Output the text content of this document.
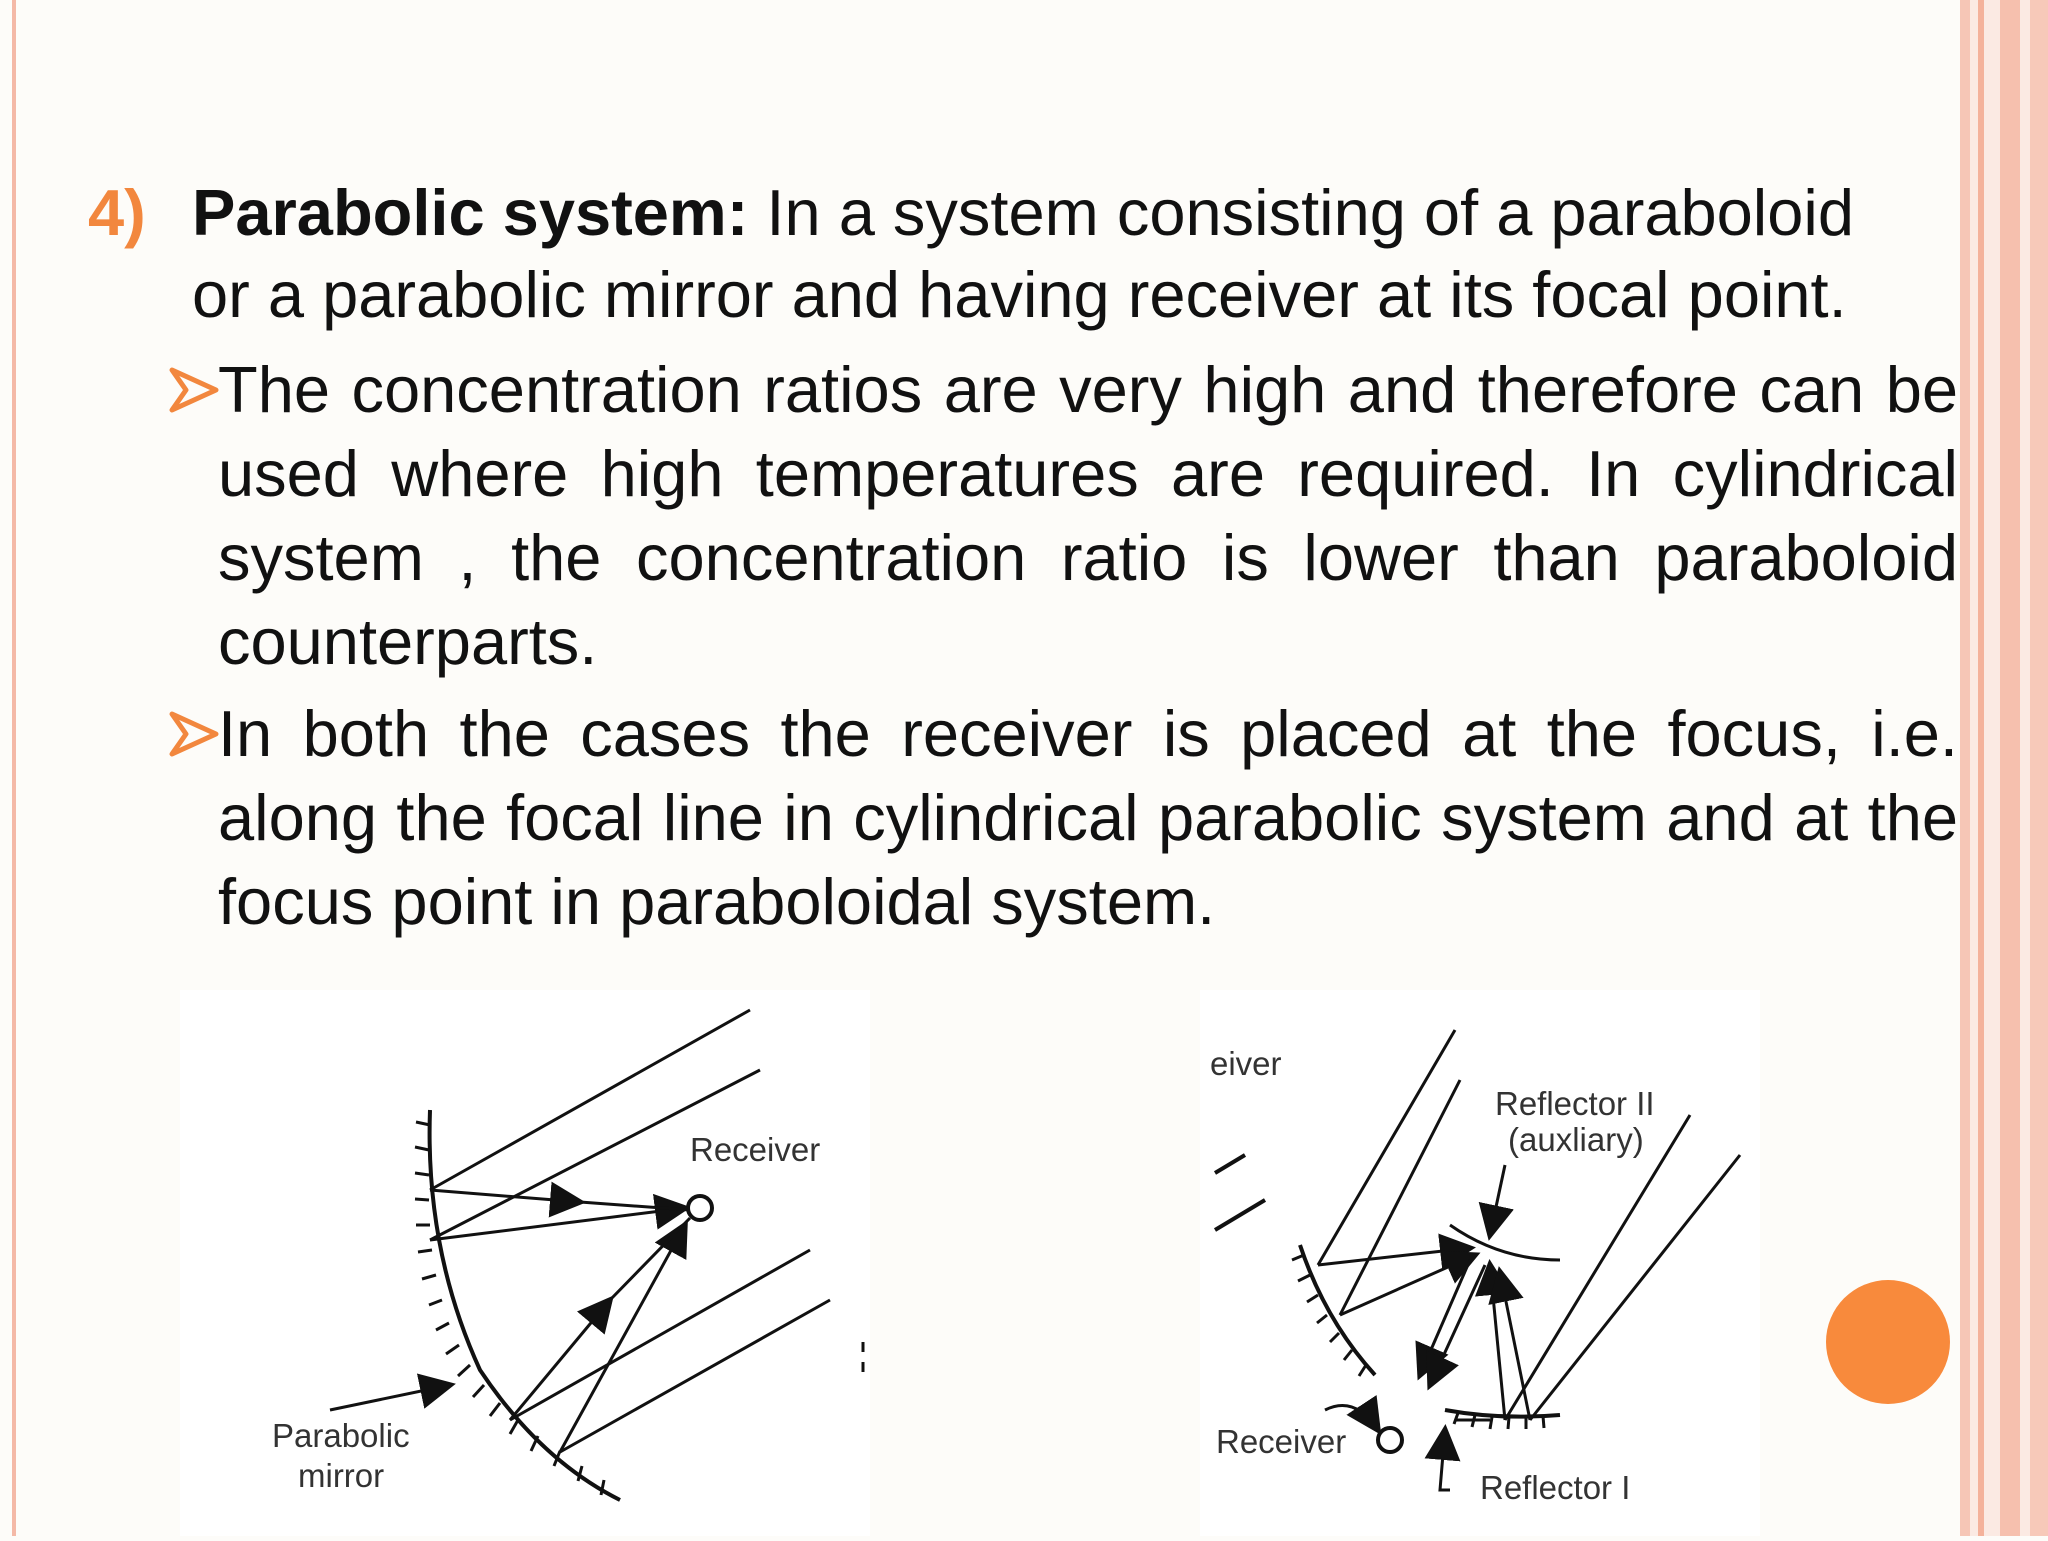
4) Parabolic system: In a system consisting of a paraboloid
or a parabolic mirror and having receiver at its focal point.
The concentration ratios are very high and therefore can be used where high temperatures are required. In cylindrical system , the concentration ratio is lower than paraboloid counterparts.
In both the cases the receiver is placed at the focus, i.e. along the focal line in cylindrical parabolic system and at the focus point in paraboloidal system.
Receiver
Parabolic
mirror
eiver
Reflector II
(auxliary)
Receiver
Reflector I
